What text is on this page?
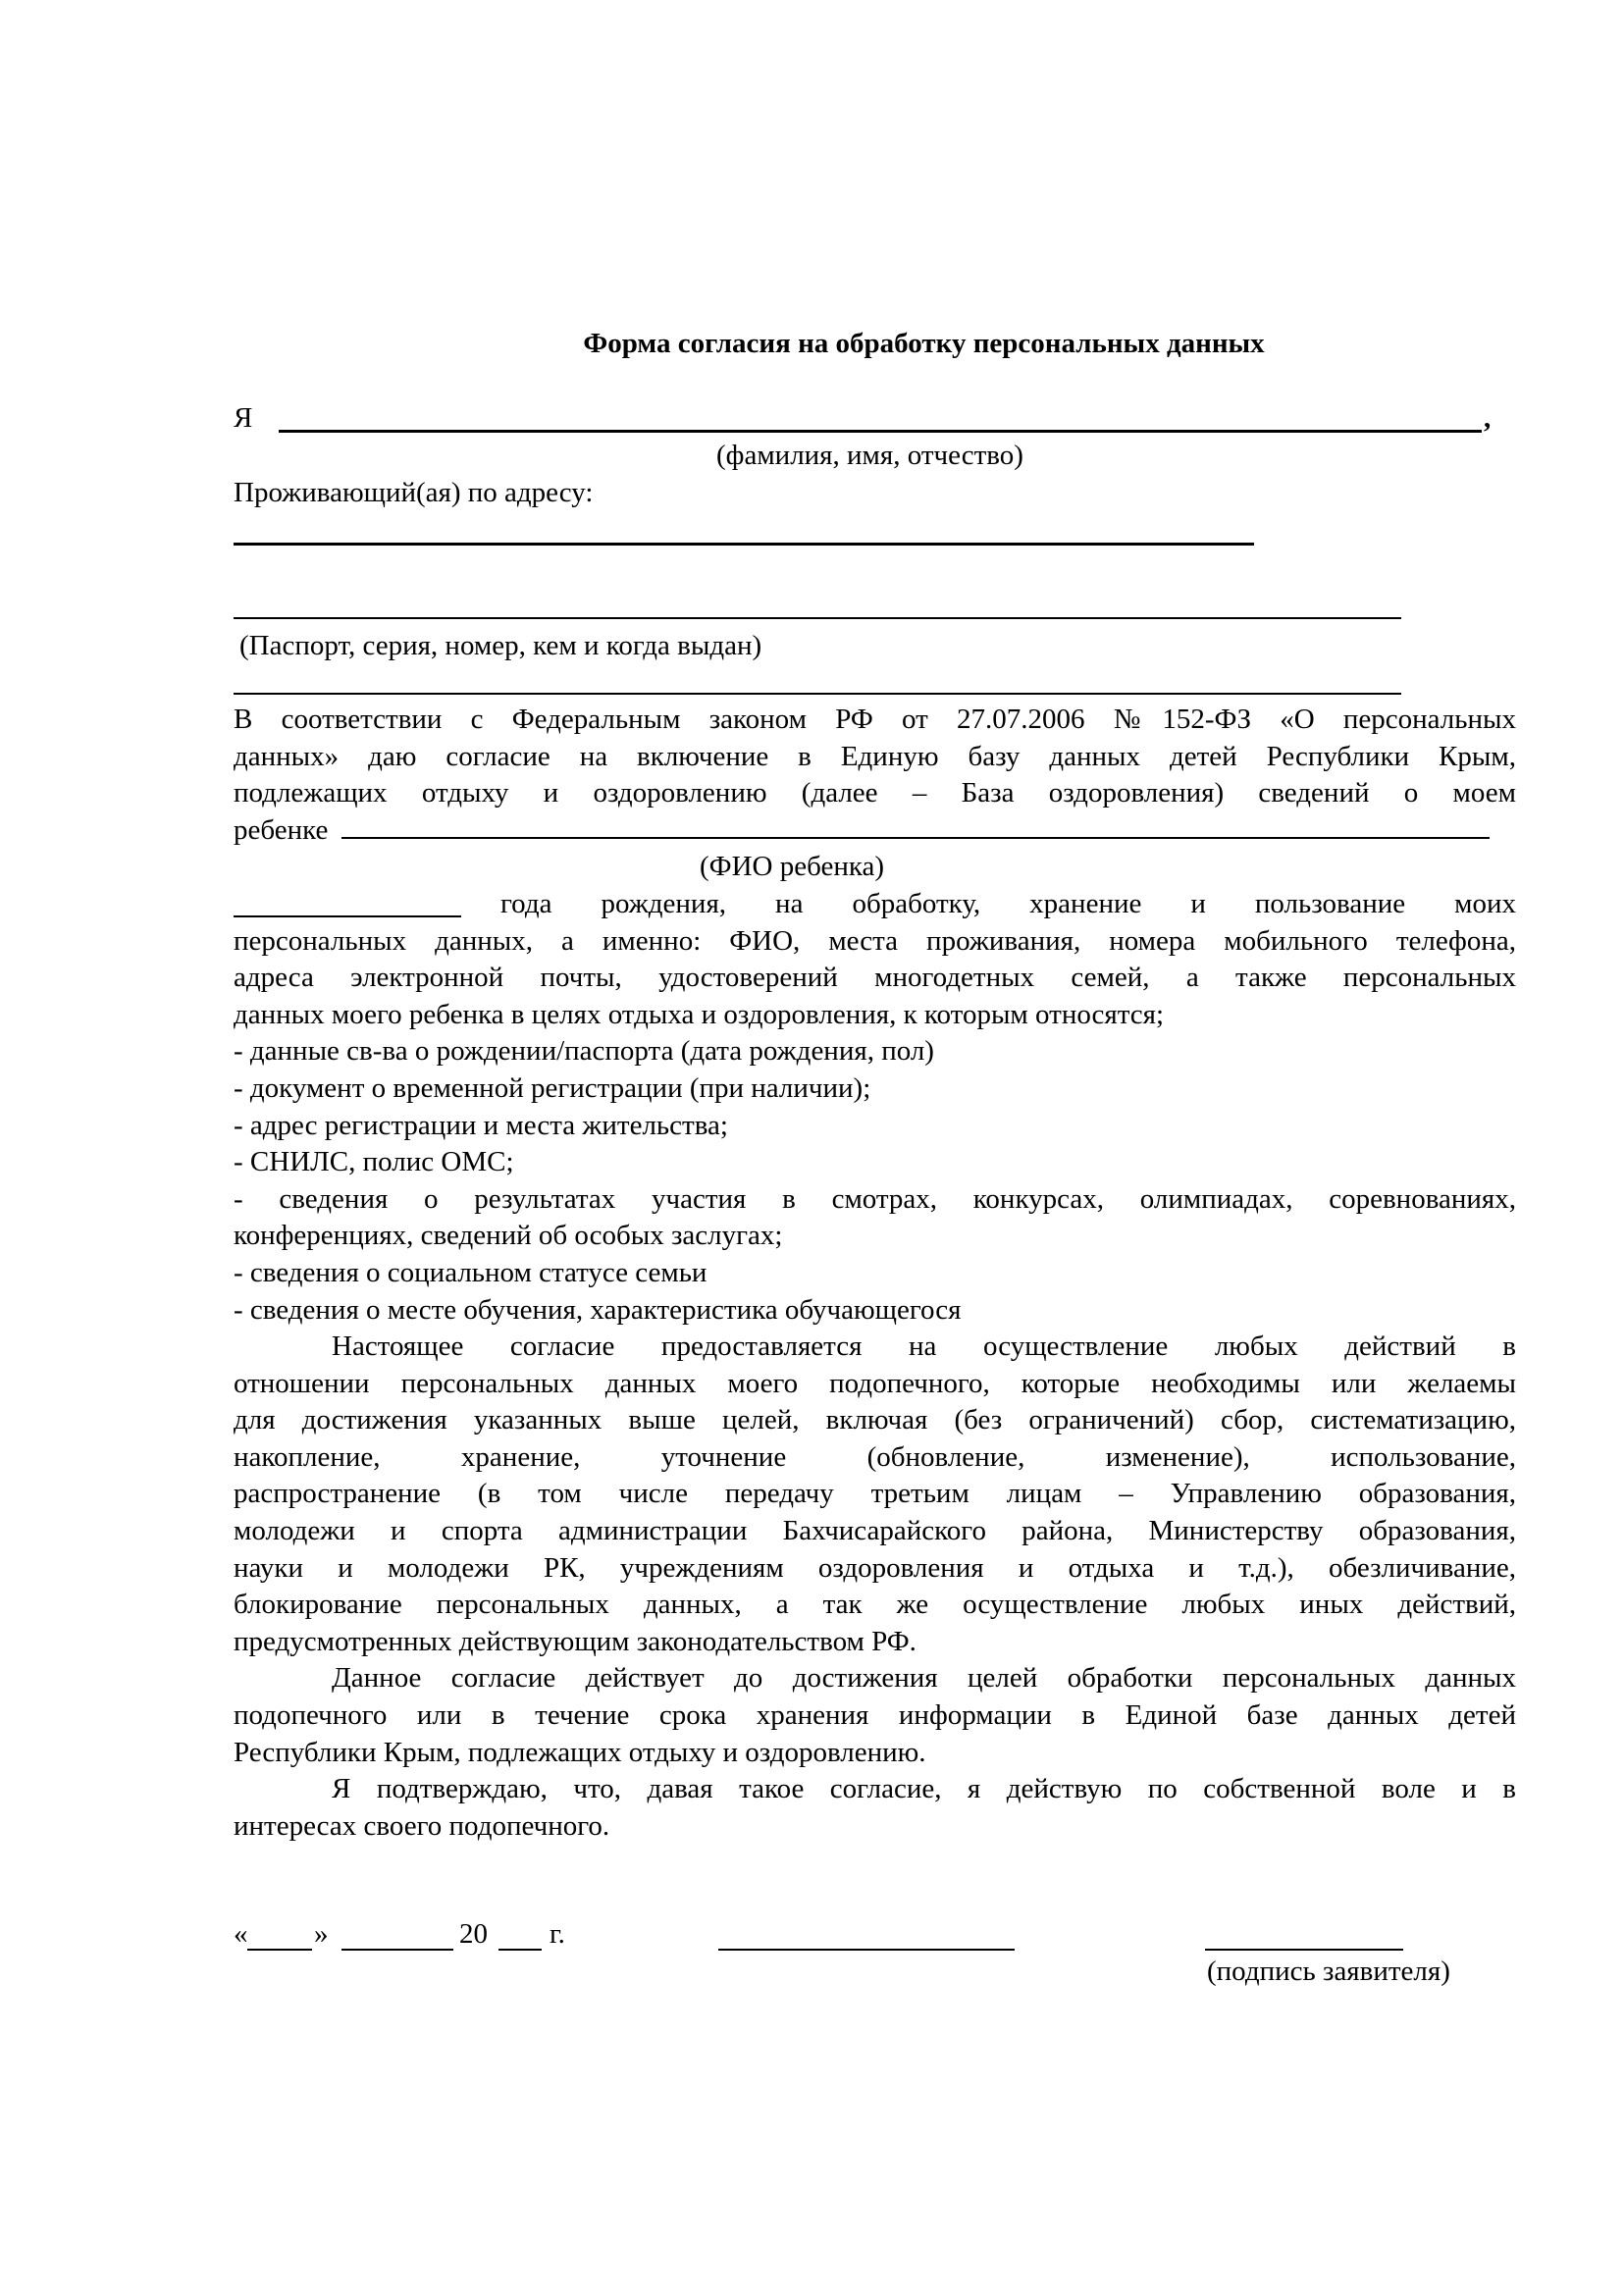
Форма согласия на обработку персональных данных
Я	,
(фамилия, имя, отчество)
Проживающий(ая) по адресу:
(Паспорт, серия, номер, кем и когда выдан)
В соответствии с Федеральным законом РФ от 27.07.2006 №152-ФЗ «О персональных
данных» даю согласие на включение в Единую базу данных детей Республики Крым,
подлежащих отдыху и оздоровлению (далее – База оздоровления) сведений о моем
ребенке
(ФИО ребенка)
года рождения, на обработку, хранение и пользование моих
персональных данных, а именно: ФИО, места проживания, номера мобильного телефона,
адреса электронной почты, удостоверений многодетных семей, а также персональных
данных моего ребенка в целях отдыха и оздоровления, к которым относятся;
- данные св-ва о рождении/паспорта (дата рождения, пол)
- документ о временной регистрации (при наличии);
- адрес регистрации и места жительства;
- СНИЛС, полис ОМС;
- сведения о результатах участия в смотрах, конкурсах, олимпиадах, соревнованиях,
конференциях, сведений об особых заслугах;
- сведения о социальном статусе семьи
- сведения о месте обучения, характеристика обучающегося
Настоящее согласие предоставляется на осуществление любых действий в
отношении персональных данных моего подопечного, которые необходимы или желаемы
для достижения указанных выше целей, включая (без ограничений) сбор, систематизацию,
накопление, хранение, уточнение (обновление, изменение), использование,
распространение (в том числе передачу третьим лицам – Управлению образования,
молодежи и спорта администрации Бахчисарайского района, Министерству образования,
науки и молодежи РК, учреждениям оздоровления и отдыха и т.д.), обезличивание,
блокирование персональных данных, а так же осуществление любых иных действий,
предусмотренных действующим законодательством РФ.
Данное согласие действует до достижения целей обработки персональных данных
подопечного или в течение срока хранения информации в Единой базе данных детей
Республики Крым, подлежащих отдыху и оздоровлению.
Я подтверждаю, что, давая такое согласие, я действую по собственной воле и в
интересах своего подопечного.
« »	20 г.
(подпись заявителя)
